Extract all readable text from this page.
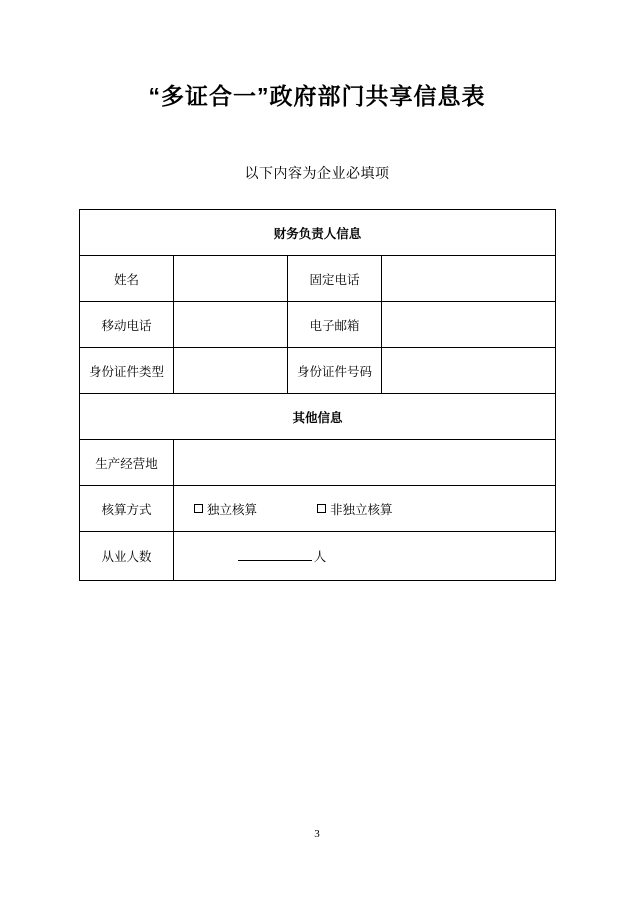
“多证合一”政府部门共享信息表

以下内容为企业必填项

财务负责人信息			
姓名		固定电话	
移动电话		电子邮箱	
身份证件类型		身份证件号码	
其他信息			
生产经营地			
核算方式	独立核算 非独立核算		

从业人数	人		

3
